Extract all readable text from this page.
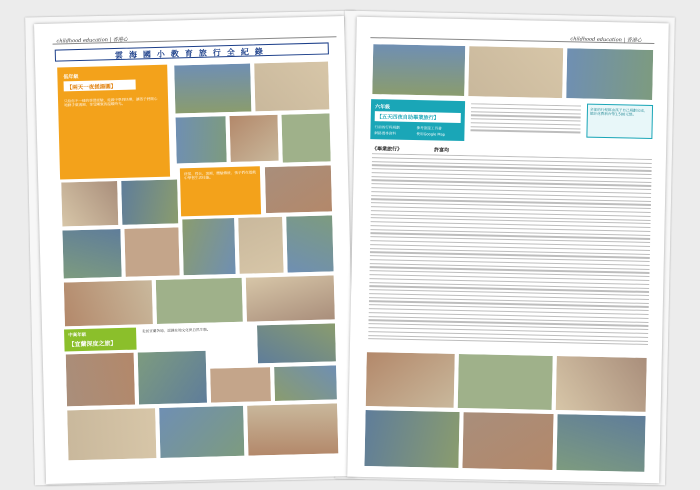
childhood education | 香港心
雲海國小教育旅行全紀錄
低年級
【兩天一夜搓湯圓】
只給你不一樣的學習經驗，從做中學到快樂，讓孩子們開心地動手做湯圓，享受團聚的溫暖時光。
搓揉、捏合、滾圓，體驗傳統，孩子們在遊戲中學習生活技能。
中高年級
【宜蘭深度之旅】
走訪宜蘭各地，認識在地文化與自然生態。
childhood education | 香港心
六年級
【五天四夜自助畢業旅行】
行前的行程規劃	參考旅遊工具書
網路搜尋資料	使用Google Map
全部的行程都由孩子自己規劃完成，總計花費新台幣1,500元整。
《畢業旅行》	許富均
